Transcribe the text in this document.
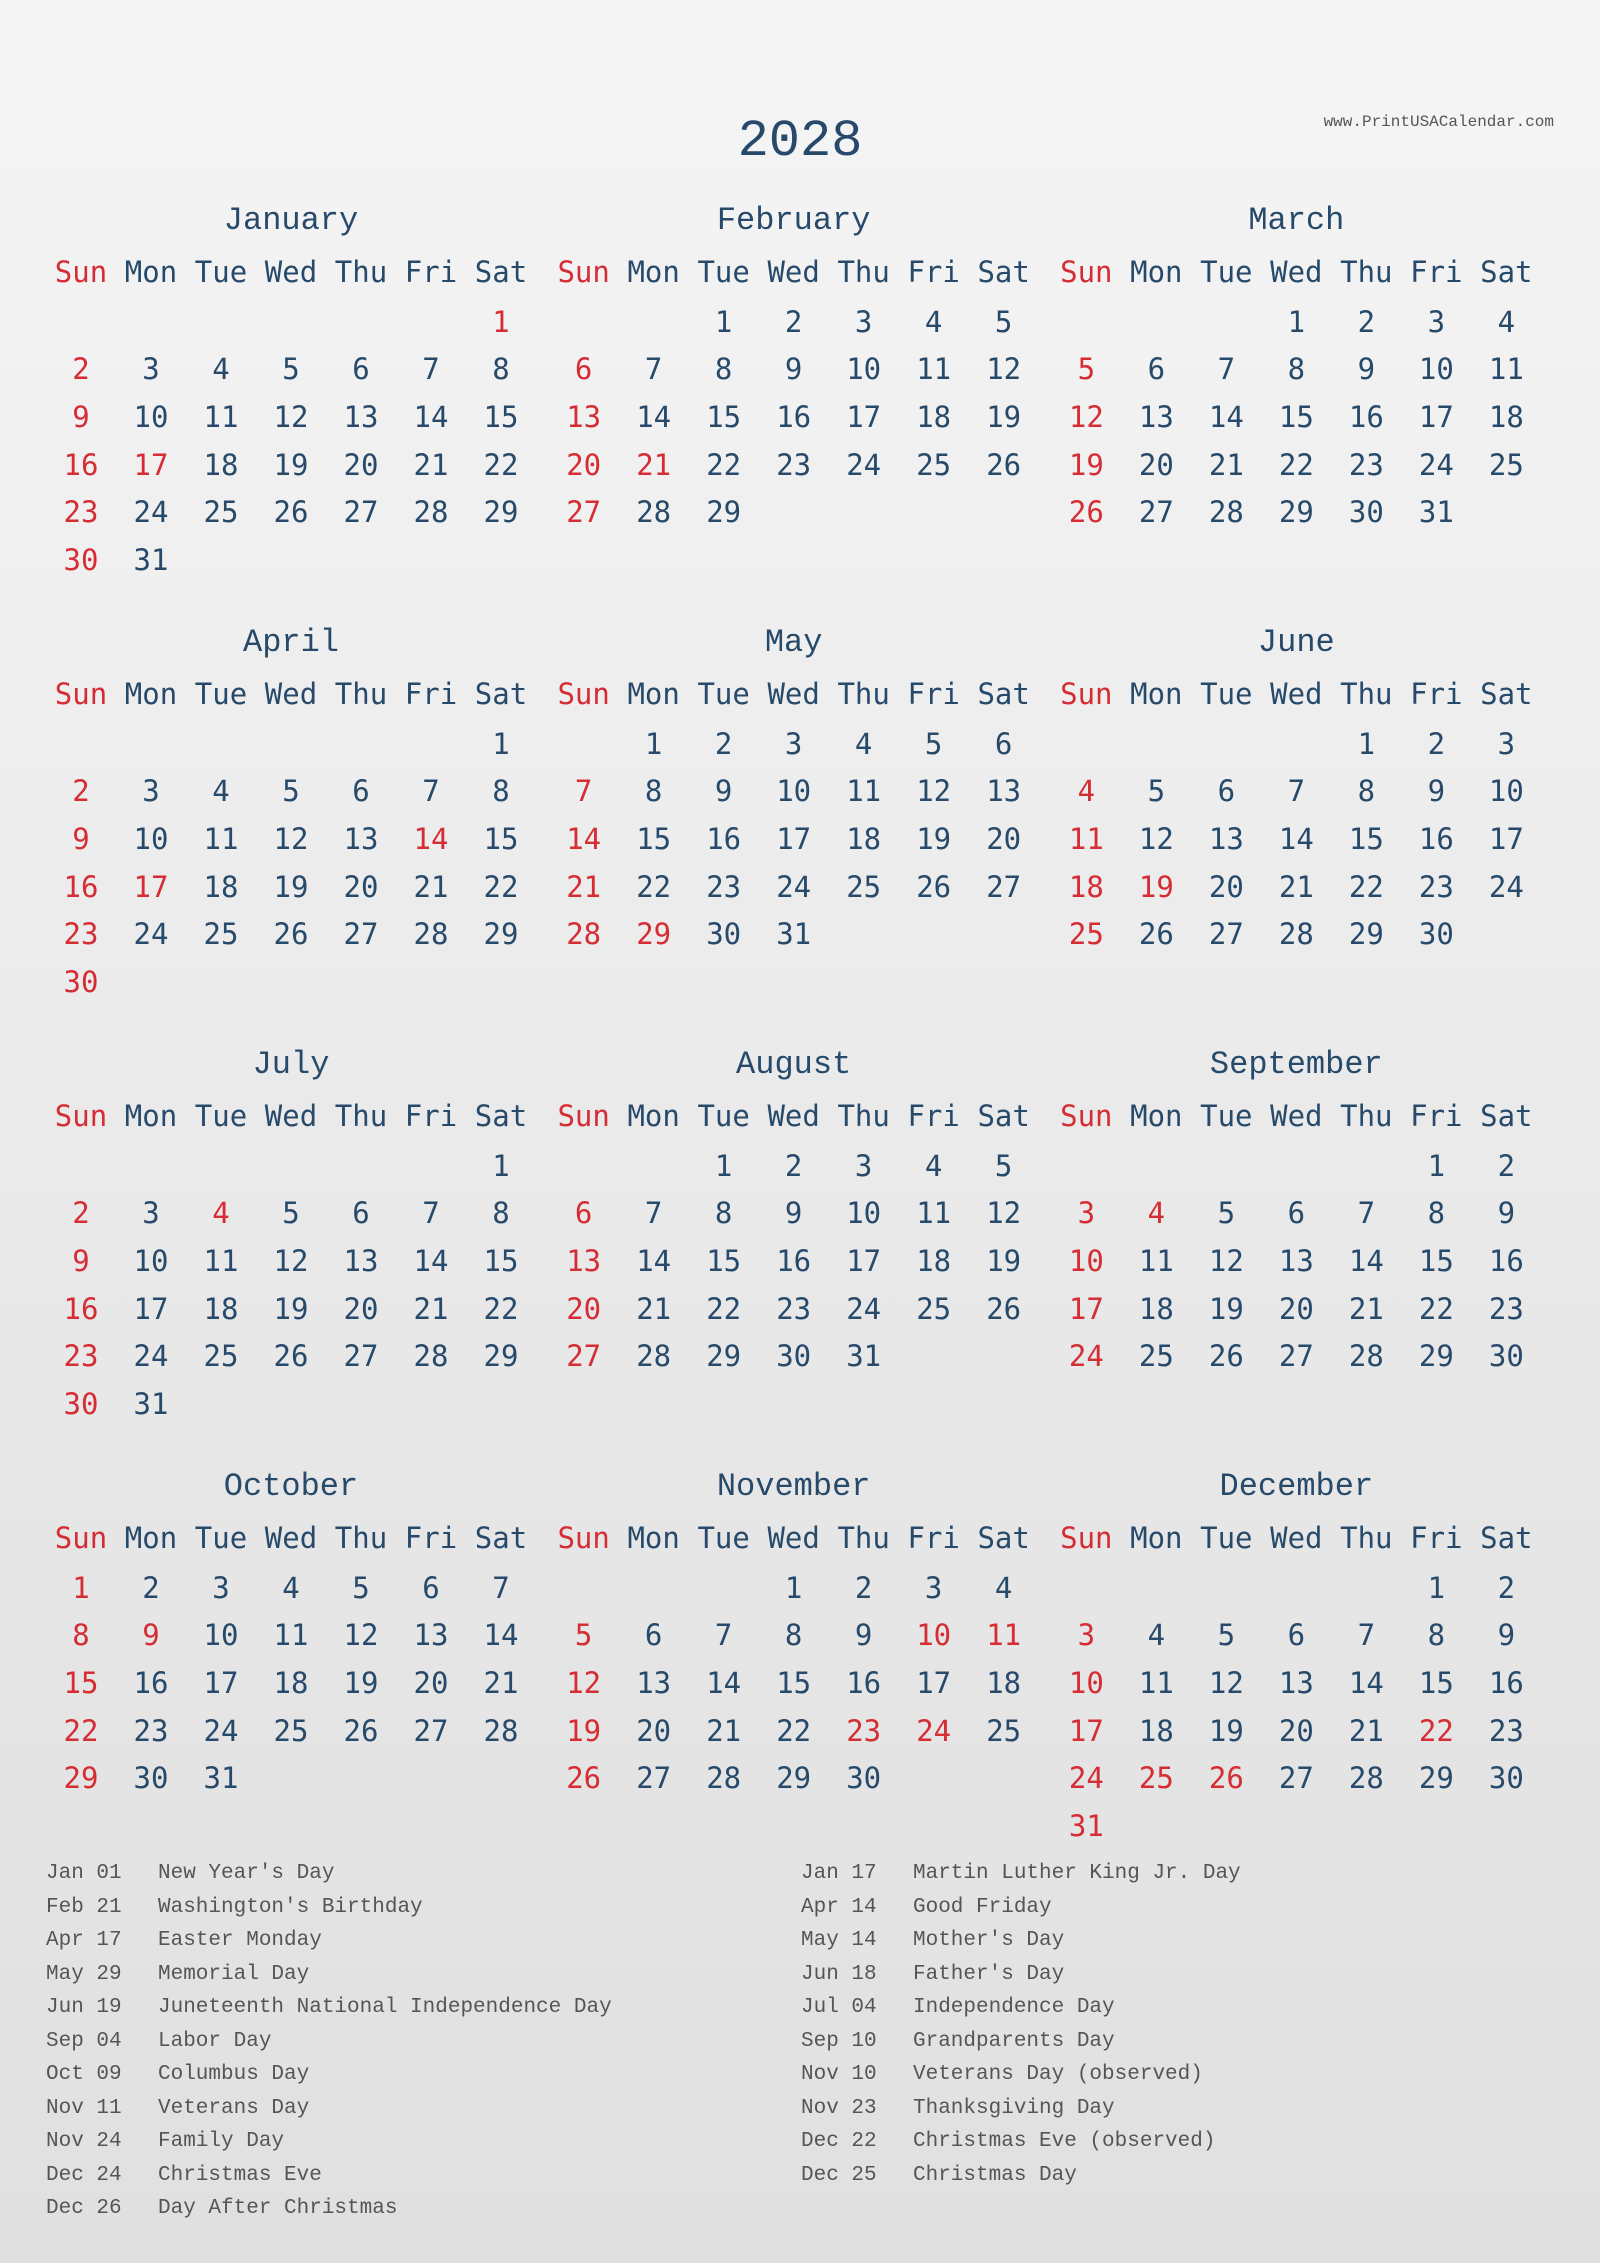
www.PrintUSACalendar.com
2028
January
Sun	Mon	Tue	Wed	Thu	Fri	Sat
						1
2	3	4	5	6	7	8
9	10	11	12	13	14	15
16	17	18	19	20	21	22
23	24	25	26	27	28	29
30	31					
February
Sun	Mon	Tue	Wed	Thu	Fri	Sat
		1	2	3	4	5
6	7	8	9	10	11	12
13	14	15	16	17	18	19
20	21	22	23	24	25	26
27	28	29				
March
Sun	Mon	Tue	Wed	Thu	Fri	Sat
			1	2	3	4
5	6	7	8	9	10	11
12	13	14	15	16	17	18
19	20	21	22	23	24	25
26	27	28	29	30	31	
April
Sun	Mon	Tue	Wed	Thu	Fri	Sat
						1
2	3	4	5	6	7	8
9	10	11	12	13	14	15
16	17	18	19	20	21	22
23	24	25	26	27	28	29
30						
May
Sun	Mon	Tue	Wed	Thu	Fri	Sat
	1	2	3	4	5	6
7	8	9	10	11	12	13
14	15	16	17	18	19	20
21	22	23	24	25	26	27
28	29	30	31			
June
Sun	Mon	Tue	Wed	Thu	Fri	Sat
				1	2	3
4	5	6	7	8	9	10
11	12	13	14	15	16	17
18	19	20	21	22	23	24
25	26	27	28	29	30	
July
Sun	Mon	Tue	Wed	Thu	Fri	Sat
						1
2	3	4	5	6	7	8
9	10	11	12	13	14	15
16	17	18	19	20	21	22
23	24	25	26	27	28	29
30	31					
August
Sun	Mon	Tue	Wed	Thu	Fri	Sat
		1	2	3	4	5
6	7	8	9	10	11	12
13	14	15	16	17	18	19
20	21	22	23	24	25	26
27	28	29	30	31		
September
Sun	Mon	Tue	Wed	Thu	Fri	Sat
					1	2
3	4	5	6	7	8	9
10	11	12	13	14	15	16
17	18	19	20	21	22	23
24	25	26	27	28	29	30
October
Sun	Mon	Tue	Wed	Thu	Fri	Sat
1	2	3	4	5	6	7
8	9	10	11	12	13	14
15	16	17	18	19	20	21
22	23	24	25	26	27	28
29	30	31				
November
Sun	Mon	Tue	Wed	Thu	Fri	Sat
			1	2	3	4
5	6	7	8	9	10	11
12	13	14	15	16	17	18
19	20	21	22	23	24	25
26	27	28	29	30		
December
Sun	Mon	Tue	Wed	Thu	Fri	Sat
					1	2
3	4	5	6	7	8	9
10	11	12	13	14	15	16
17	18	19	20	21	22	23
24	25	26	27	28	29	30
31						
Jan 01 New Year's Day
Feb 21 Washington's Birthday
Apr 17 Easter Monday
May 29 Memorial Day
Jun 19 Juneteenth National Independence Day
Sep 04 Labor Day
Oct 09 Columbus Day
Nov 11 Veterans Day
Nov 24 Family Day
Dec 24 Christmas Eve
Dec 26 Day After Christmas
Jan 17 Martin Luther King Jr. Day
Apr 14 Good Friday
May 14 Mother's Day
Jun 18 Father's Day
Jul 04 Independence Day
Sep 10 Grandparents Day
Nov 10 Veterans Day (observed)
Nov 23 Thanksgiving Day
Dec 22 Christmas Eve (observed)
Dec 25 Christmas Day
